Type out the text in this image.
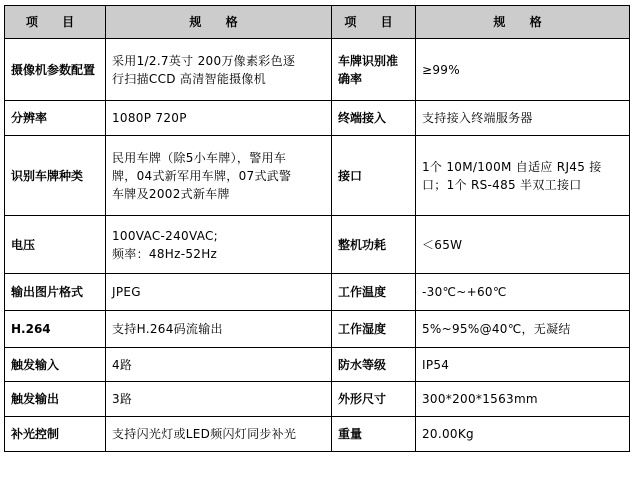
项 目	规 格	项 目	规 格
摄像机参数配置	采用1/2.7英寸 200万像素彩色逐
行扫描CCD 高清智能摄像机	车牌识别准确率	≥99%

分辨率	1080P 720P	终端接入	支持接入终端服务器

识别车牌种类	民用车牌（除5小车牌），警用车
牌，04式新军用车牌，07式武警
车牌及2002式新车牌	接口	1个 10M/100M 自适应 RJ45 接
口；1个 RS-485 半双工接口

电压	100VAC-240VAC;
频率：48Hz-52Hz	整机功耗	＜65W

输出图片格式	JPEG	工作温度	-30℃~+60℃

H.264	支持H.264码流输出	工作湿度	5%~95%@40℃，无凝结

触发输入	4路	防水等级	IP54

触发输出	3路	外形尺寸	300*200*1563mm

补光控制	支持闪光灯或LED频闪灯同步补光	重量	20.00Kg
